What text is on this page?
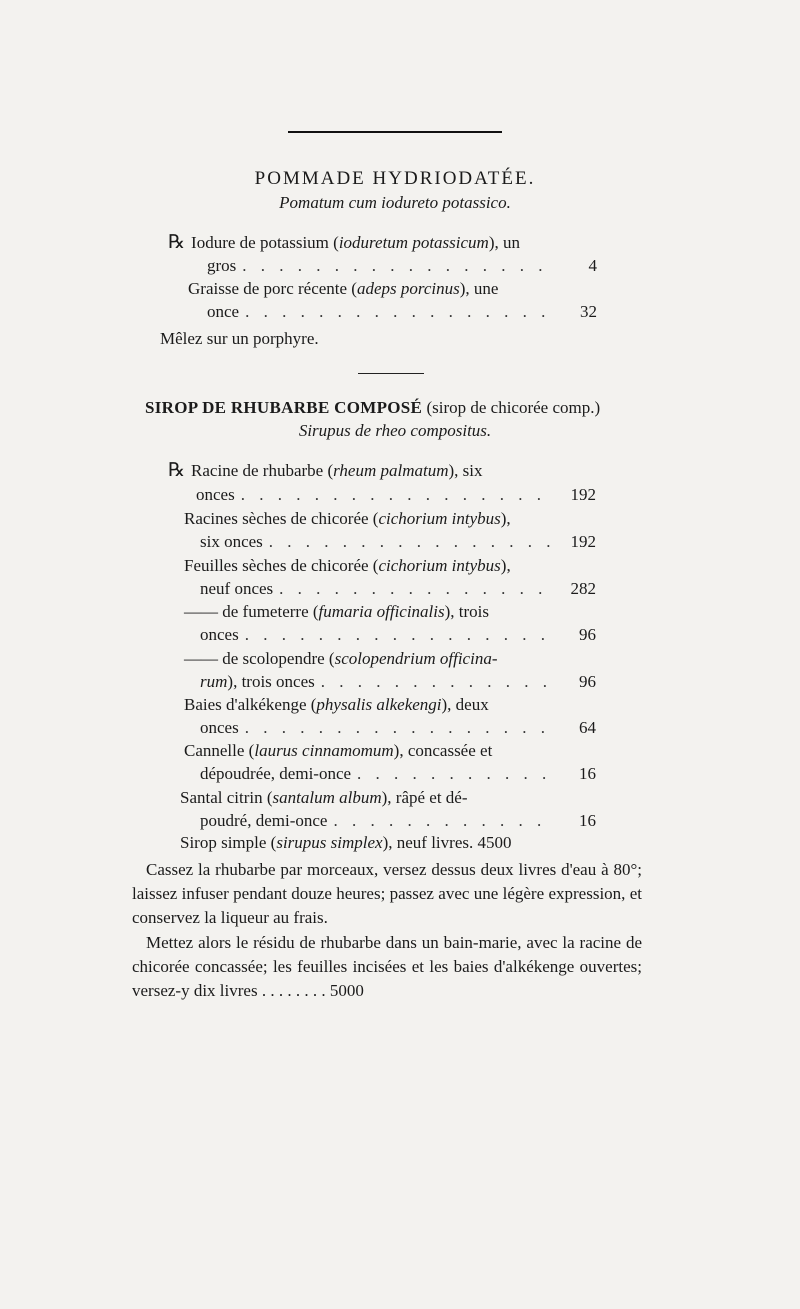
POMMADE HYDRIODATÉE.
Pomatum cum ioduretо potassico.
℞ Iodure de potassium (ioduretum potassicum), un
gros . . .	4
Graisse de porc récente (adeps porcinus), une
once . . .	32
Mêlez sur un porphyre.
SIROP DE RHUBARBE COMPOSÉ (sirop de chicorée comp.)
Sirupus de rheo compositus.
℞ Racine de rhubarbe (rheum palmatum), six
onces . . .	192
Racines sèches de chicorée (cichorium intybus),
six onces . . .	192
Feuilles sèches de chicorée (cichorium intybus),
neuf onces . . .	282
—— de fumeterre (fumaria officinalis), trois
onces . . .	96
—— de scolopendre (scolopendrium officina-
rum), trois onces . . .	96
Baies d'alkékenge (physalis alkekengi), deux
onces . . .	64
Cannelle (laurus cinnamomum), concassée et
dépoudrée, demi-once . . .	16
Santal citrin (santalum album), râpé et dé-
poudré, demi-once . . .	16
Sirop simple (sirupus simplex), neuf livres. 4500

Cassez la rhubarbe par morceaux, versez dessus deux livres d'eau à 80°; laissez infuser pendant douze heures; passez avec une légère expression, et conservez la liqueur au frais.

Mettez alors le résidu de rhubarbe dans un bain-marie, avec la racine de chicorée concassée; les feuilles incisées et les baies d'alkékenge ouvertes; versez-y dix livres . . . . . . . . 5000
